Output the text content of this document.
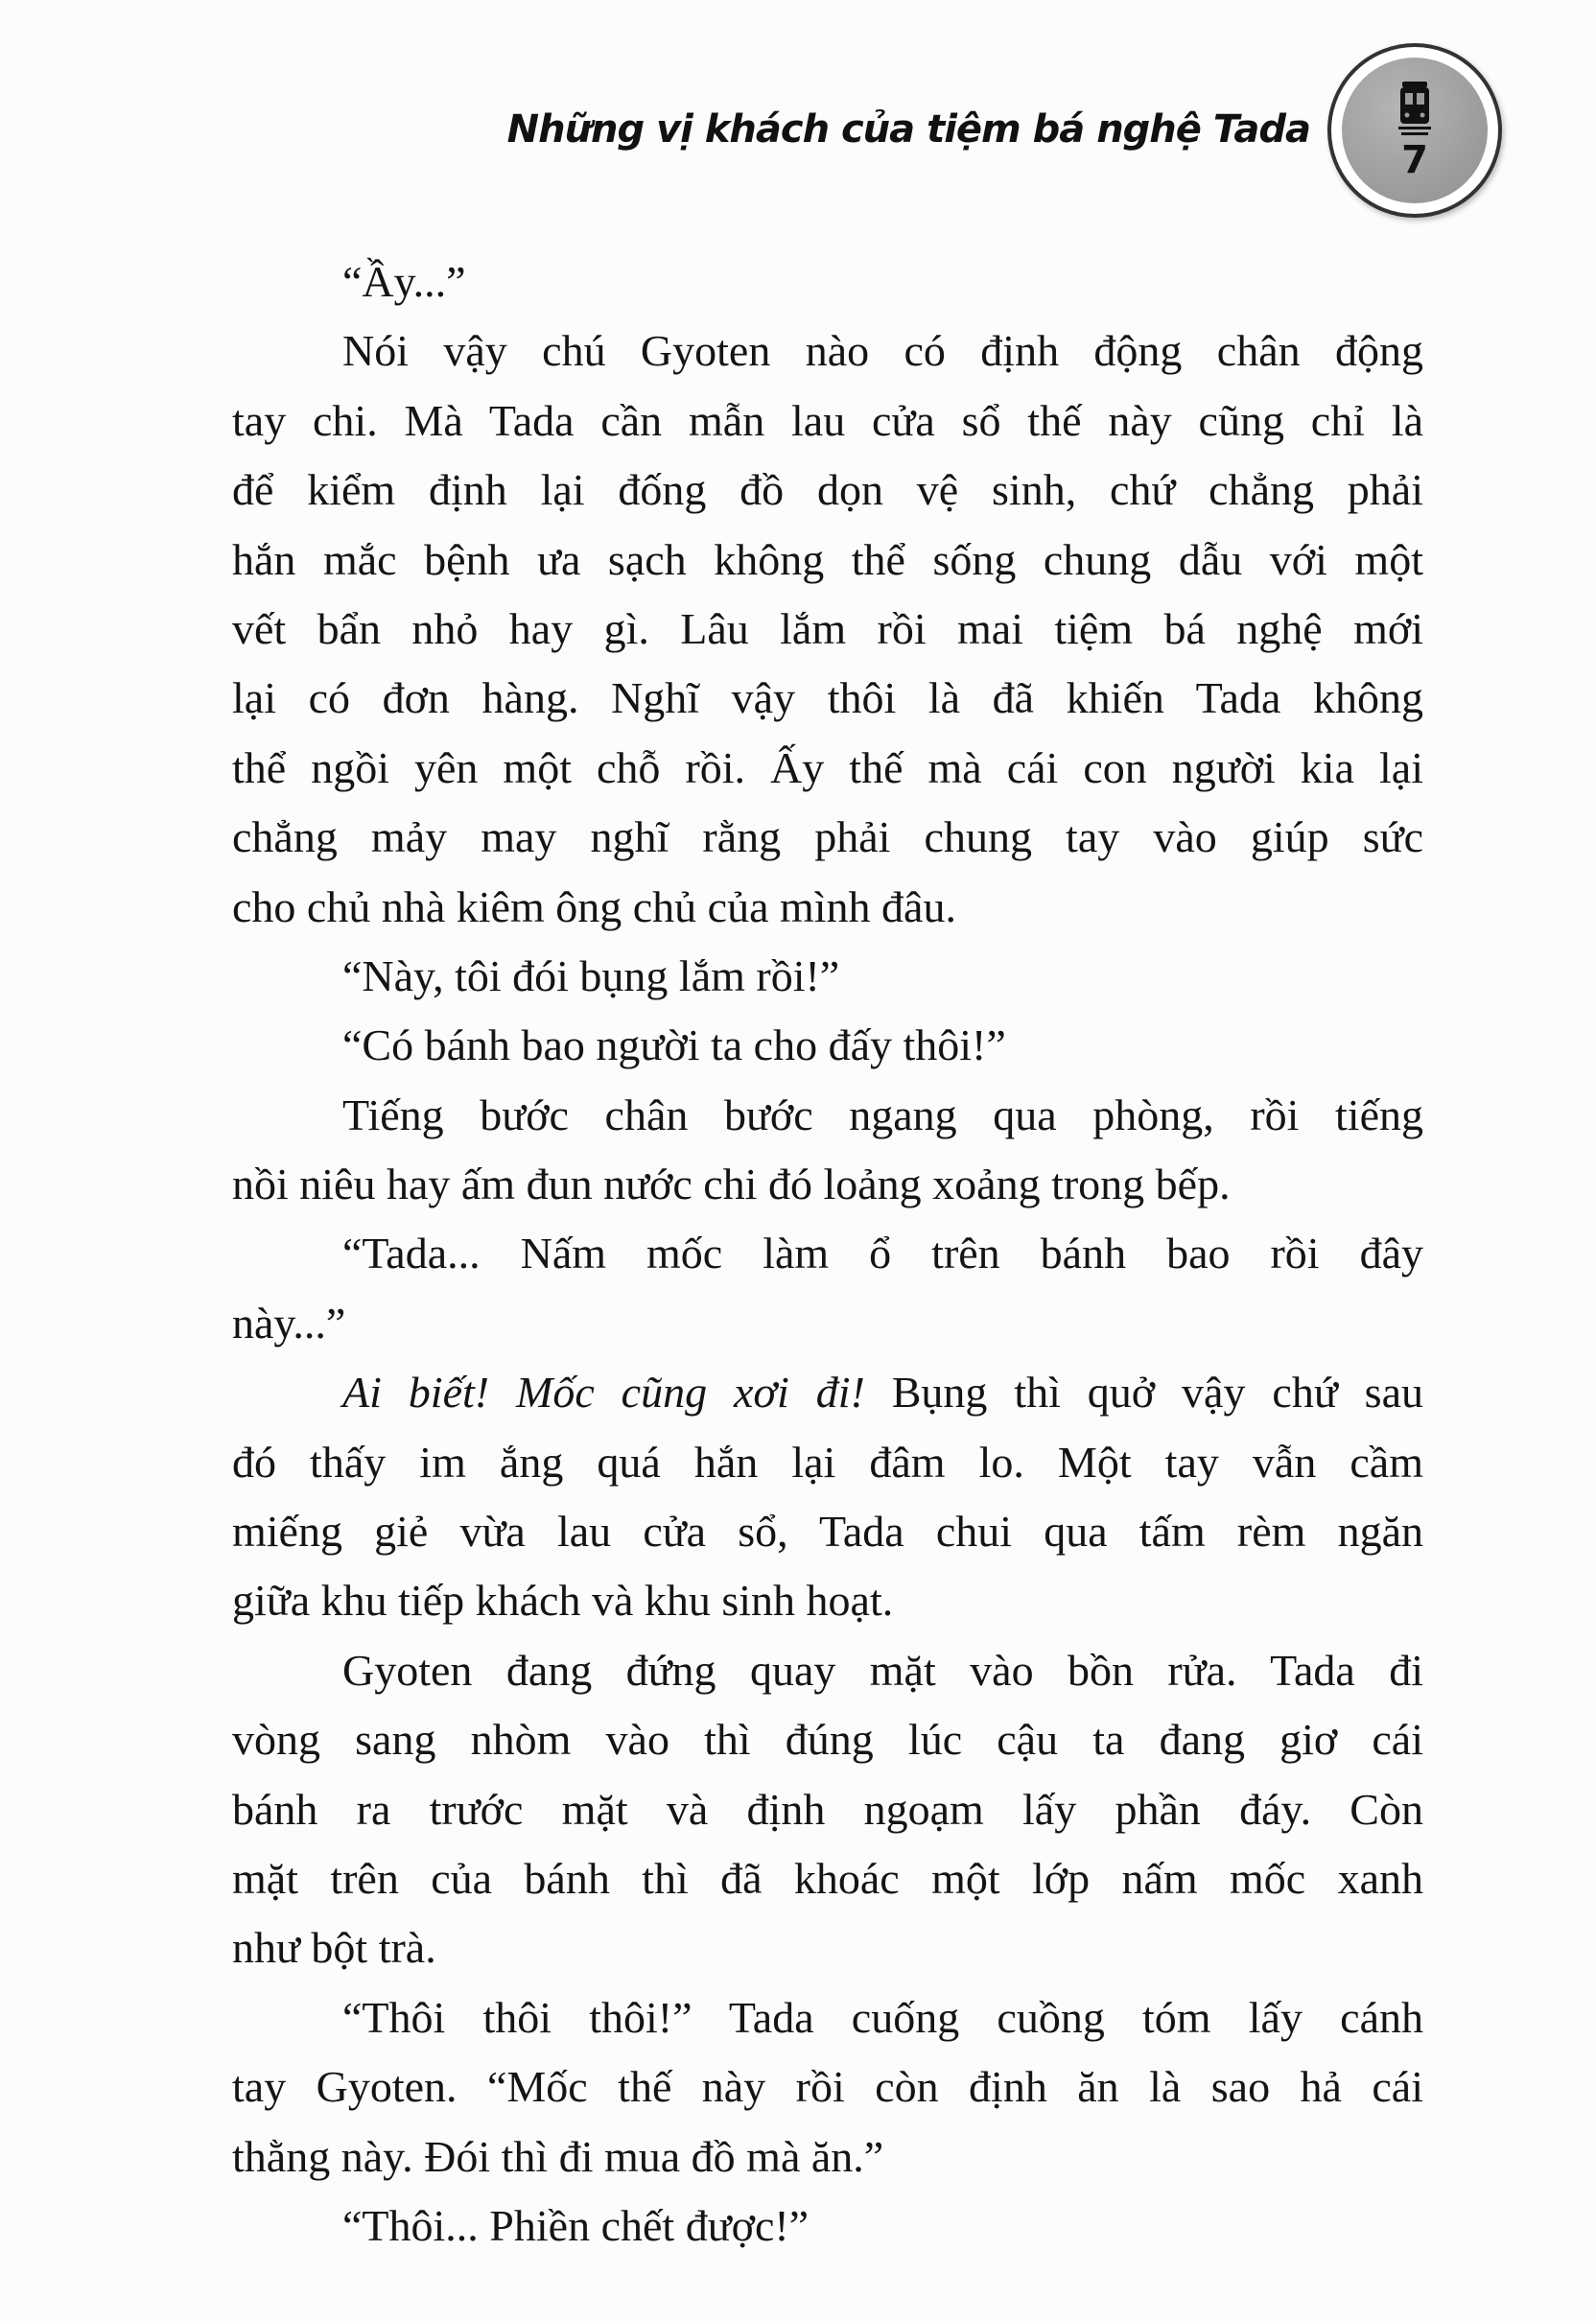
Những vị khách của tiệm bá nghệ Tada
7
“Ầy...”
Nói vậy chú Gyoten nào có định động chân động
tay chi. Mà Tada cần mẫn lau cửa sổ thế này cũng chỉ là
để kiểm định lại đống đồ dọn vệ sinh, chứ chẳng phải
hắn mắc bệnh ưa sạch không thể sống chung dẫu với một
vết bẩn nhỏ hay gì. Lâu lắm rồi mai tiệm bá nghệ mới
lại có đơn hàng. Nghĩ vậy thôi là đã khiến Tada không
thể ngồi yên một chỗ rồi. Ấy thế mà cái con người kia lại
chẳng mảy may nghĩ rằng phải chung tay vào giúp sức
cho chủ nhà kiêm ông chủ của mình đâu.
“Này, tôi đói bụng lắm rồi!”
“Có bánh bao người ta cho đấy thôi!”
Tiếng bước chân bước ngang qua phòng, rồi tiếng
nồi niêu hay ấm đun nước chi đó loảng xoảng trong bếp.
“Tada... Nấm mốc làm ổ trên bánh bao rồi đây
này...”
Ai biết! Mốc cũng xơi đi! Bụng thì quở vậy chứ sau
đó thấy im ắng quá hắn lại đâm lo. Một tay vẫn cầm
miếng giẻ vừa lau cửa sổ, Tada chui qua tấm rèm ngăn
giữa khu tiếp khách và khu sinh hoạt.
Gyoten đang đứng quay mặt vào bồn rửa. Tada đi
vòng sang nhòm vào thì đúng lúc cậu ta đang giơ cái
bánh ra trước mặt và định ngoạm lấy phần đáy. Còn
mặt trên của bánh thì đã khoác một lớp nấm mốc xanh
như bột trà.
“Thôi thôi thôi!” Tada cuống cuồng tóm lấy cánh
tay Gyoten. “Mốc thế này rồi còn định ăn là sao hả cái
thằng này. Đói thì đi mua đồ mà ăn.”
“Thôi... Phiền chết được!”
